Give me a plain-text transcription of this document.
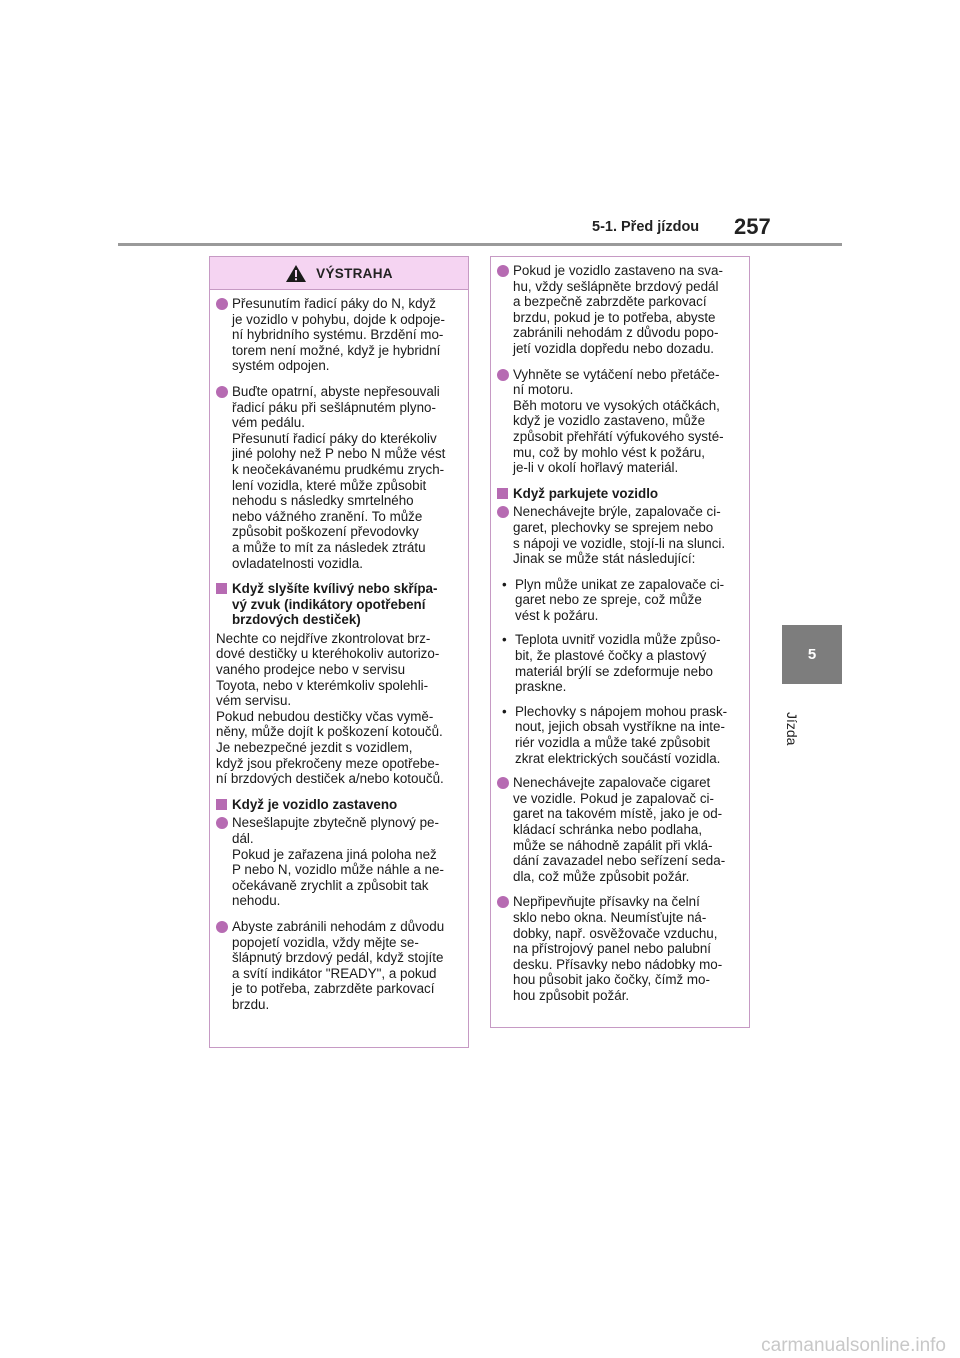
5-1. Před jízdou 257
5
Jízda
VÝSTRAHA
Přesunutím řadicí páky do N, když
je vozidlo v pohybu, dojde k odpoje-
ní hybridního systému. Brzdění mo-
torem není možné, když je hybridní
systém odpojen.
Buďte opatrní, abyste nepřesouvali
řadicí páku při sešlápnutém plyno-
vém pedálu.
Přesunutí řadicí páky do kterékoliv
jiné polohy než P nebo N může vést
k neočekávanému prudkému zrych-
lení vozidla, které může způsobit
nehodu s následky smrtelného
nebo vážného zranění. To může
způsobit poškození převodovky
a může to mít za následek ztrátu
ovladatelnosti vozidla.
Když slyšíte kvílivý nebo skřípa-
vý zvuk (indikátory opotřebení
brzdových destiček)
Nechte co nejdříve zkontrolovat brz-
dové destičky u kteréhokoliv autorizo-
vaného prodejce nebo v servisu
Toyota, nebo v kterémkoliv spolehli-
vém servisu.
Pokud nebudou destičky včas vymě-
něny, může dojít k poškození kotoučů.
Je nebezpečné jezdit s vozidlem,
když jsou překročeny meze opotřebe-
ní brzdových destiček a/nebo kotoučů.
Když je vozidlo zastaveno
Nesešlapujte zbytečně plynový pe-
dál.
Pokud je zařazena jiná poloha než
P nebo N, vozidlo může náhle a ne-
očekávaně zrychlit a způsobit tak
nehodu.
Abyste zabránili nehodám z důvodu
popojetí vozidla, vždy mějte se-
šlápnutý brzdový pedál, když stojíte
a svítí indikátor "READY", a pokud
je to potřeba, zabrzděte parkovací
brzdu.
Pokud je vozidlo zastaveno na sva-
hu, vždy sešlápněte brzdový pedál
a bezpečně zabrzděte parkovací
brzdu, pokud je to potřeba, abyste
zabránili nehodám z důvodu popo-
jetí vozidla dopředu nebo dozadu.
Vyhněte se vytáčení nebo přetáče-
ní motoru.
Běh motoru ve vysokých otáčkách,
když je vozidlo zastaveno, může
způsobit přehřátí výfukového systé-
mu, což by mohlo vést k požáru,
je-li v okolí hořlavý materiál.
Když parkujete vozidlo
Nenechávejte brýle, zapalovače ci-
garet, plechovky se sprejem nebo
s nápoji ve vozidle, stojí-li na slunci.
Jinak se může stát následující:
• Plyn může unikat ze zapalovače ci-
garet nebo ze spreje, což může
vést k požáru.
• Teplota uvnitř vozidla může způso-
bit, že plastové čočky a plastový
materiál brýlí se zdeformuje nebo
praskne.
• Plechovky s nápojem mohou prask-
nout, jejich obsah vystříkne na inte-
riér vozidla a může také způsobit
zkrat elektrických součástí vozidla.
Nenechávejte zapalovače cigaret
ve vozidle. Pokud je zapalovač ci-
garet na takovém místě, jako je od-
kládací schránka nebo podlaha,
může se náhodně zapálit při vklá-
dání zavazadel nebo seřízení seda-
dla, což může způsobit požár.
Nepřipevňujte přísavky na čelní
sklo nebo okna. Neumísťujte ná-
dobky, např. osvěžovače vzduchu,
na přístrojový panel nebo palubní
desku. Přísavky nebo nádobky mo-
hou působit jako čočky, čímž mo-
hou způsobit požár.
carmanualsonline.info
